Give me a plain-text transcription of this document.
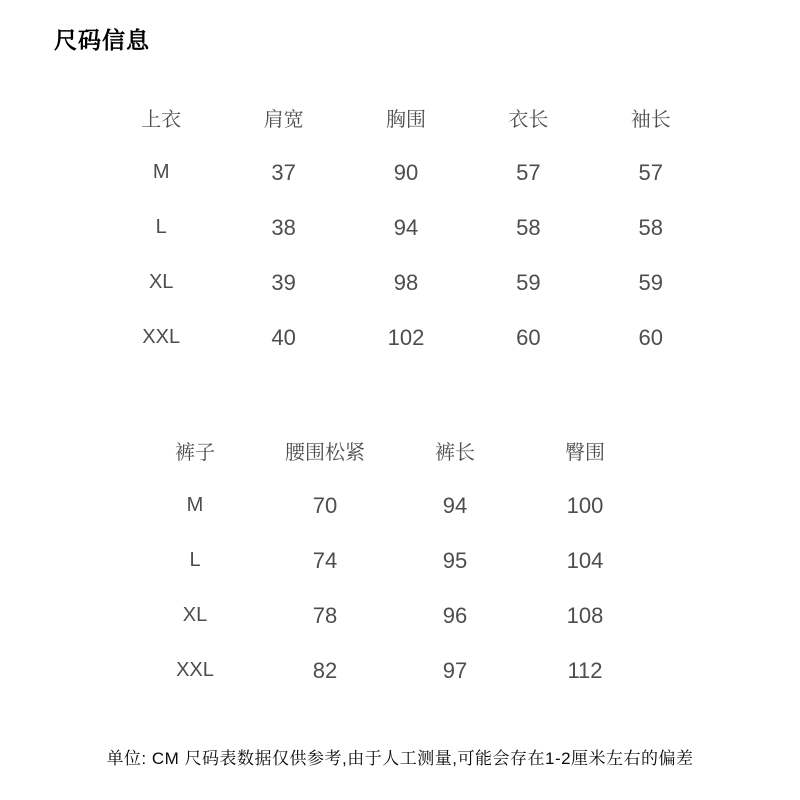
尺码信息
上衣	肩宽	胸围	衣长	袖长
M	37	90	57	57
L	38	94	58	58
XL	39	98	59	59
XXL	40	102	60	60
裤子	腰围松紧	裤长	臀围
M	70	94	100
L	74	95	104
XL	78	96	108
XXL	82	97	112
单位: CM 尺码表数据仅供参考,由于人工测量,可能会存在1-2厘米左右的偏差
